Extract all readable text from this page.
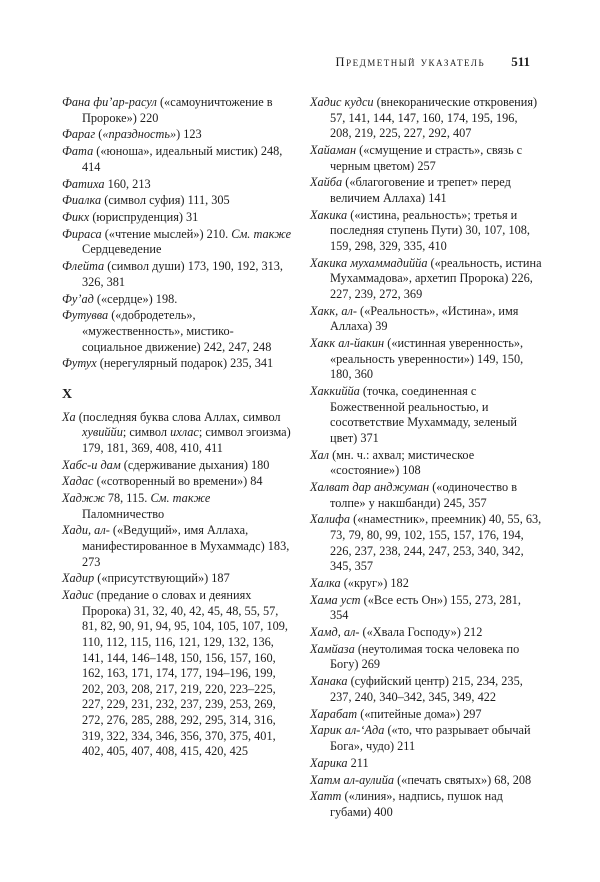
Предметный указатель 511

Фана фи’ар-расул («самоуничтожение в Пророке») 220

Фараг («праздность») 123

Фата («юноша», идеальный мистик) 248, 414

Фатиха 160, 213

Фиалка (символ суфия) 111, 305

Фикх (юриспруденция) 31

Фираса («чтение мыслей») 210. См. также Сердцеведение

Флейта (символ души) 173, 190, 192, 313, 326, 381

Фу’ад («сердце») 198.

Футувва («добродетель», «мужественность», мистико-социальное движение) 242, 247, 248

Футух (нерегулярный подарок) 235, 341

Х

Ха (последняя буква слова Аллах, символ хувиййи; символ ихлас; символ эгоизма) 179, 181, 369, 408, 410, 411

Хабс-и дам (сдерживание дыхания) 180

Хадас («сотворенный во времени») 84

Хаджж 78, 115. См. также Паломничество

Хади, ал- («Ведущий», имя Аллаха, манифестированное в Мухаммадс) 183, 273

Хадир («присутствующий») 187

Хадис (предание о словах и деяниях Пророка) 31, 32, 40, 42, 45, 48, 55, 57, 81, 82, 90, 91, 94, 95, 104, 105, 107, 109, 110, 112, 115, 116, 121, 129, 132, 136, 141, 144, 146–148, 150, 156, 157, 160, 162, 163, 171, 174, 177, 194–196, 199, 202, 203, 208, 217, 219, 220, 223–225, 227, 229, 231, 232, 237, 239, 253, 269, 272, 276, 285, 288, 292, 295, 314, 316, 319, 322, 334, 346, 356, 370, 375, 401, 402, 405, 407, 408, 415, 420, 425

Хадис кудси (внекоранические откровения) 57, 141, 144, 147, 160, 174, 195, 196, 208, 219, 225, 227, 292, 407

Хайаман («смущение и страсть», связь с черным цветом) 257

Хайба («благоговение и трепет» перед величием Аллаха) 141

Хакика («истина, реальность»; третья и последняя ступень Пути) 30, 107, 108, 159, 298, 329, 335, 410

Хакика мухаммадиййа («реальность, истина Мухаммадова», архетип Пророка) 226, 227, 239, 272, 369

Хакк, ал- («Реальность», «Истина», имя Аллаха) 39

Хакк ал-йакин («истинная уверенность», «реальность уверенности») 149, 150, 180, 360

Хаккиййа (точка, соединенная с Божественной реальностью, и сосответствие Мухаммаду, зеленый цвет) 371

Хал (мн. ч.: ахвал; мистическое «состояние») 108

Халват дар анджуман («одиночество в толпе» у накшбанди) 245, 357

Халифа («наместник», преемник) 40, 55, 63, 73, 79, 80, 99, 102, 155, 157, 176, 194, 226, 237, 238, 244, 247, 253, 340, 342, 345, 357

Халка («круг») 182

Хама уст («Все есть Он») 155, 273, 281, 354

Хамд, ал- («Хвала Господу») 212

Хамйаза (неутолимая тоска человека по Богу) 269

Ханака (суфийский центр) 215, 234, 235, 237, 240, 340–342, 345, 349, 422

Харабат («питейные дома») 297

Харик ал-‘Ада («то, что разрывает обычай Бога», чудо) 211

Харика 211

Хатм ал-аулийа («печать святых») 68, 208

Хатт («линия», надпись, пушок над губами) 400
